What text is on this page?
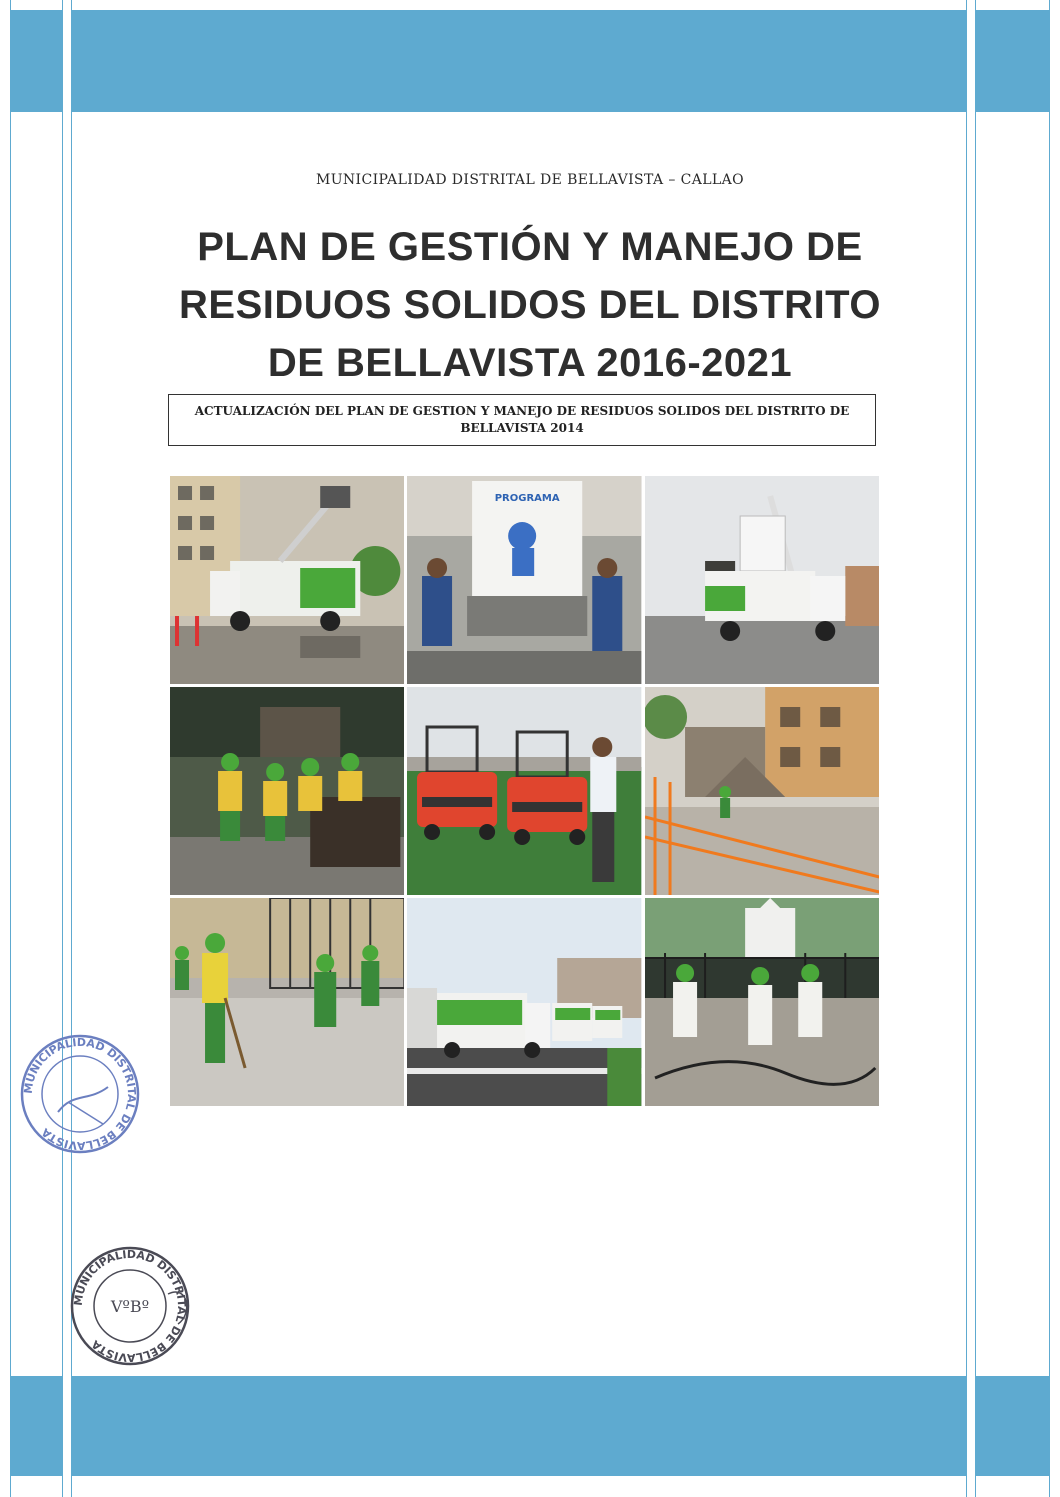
MUNICIPALIDAD DISTRITAL DE BELLAVISTA – CALLAO
PLAN DE GESTIÓN Y MANEJO DE
RESIDUOS SOLIDOS DEL DISTRITO
DE BELLAVISTA 2016-2021
ACTUALIZACIÓN DEL PLAN DE GESTION Y MANEJO DE RESIDUOS SOLIDOS DEL DISTRITO DE BELLAVISTA 2014
PROGRAMA
MUNICIPALIDAD DISTRITAL DE BELLAVISTA
MUNICIPALIDAD DISTRITAL DE BELLAVISTA
VºBº
